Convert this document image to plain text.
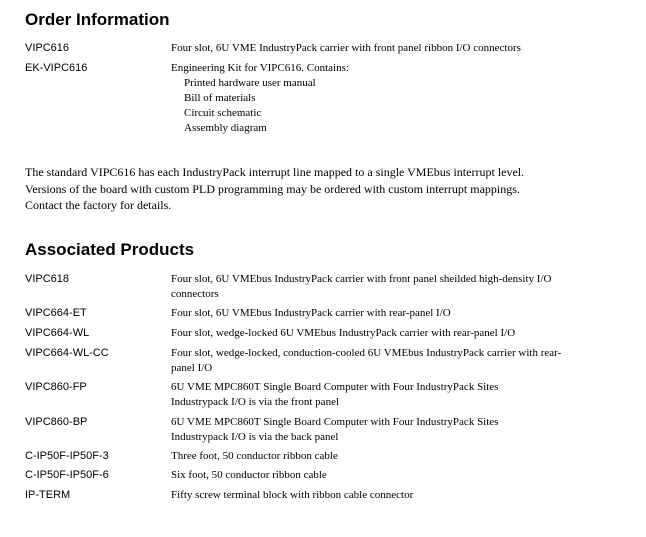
Order Information
VIPC616	Four slot, 6U VME IndustryPack carrier with front panel ribbon I/O connectors
EK-VIPC616	Engineering Kit for VIPC616. Contains:
Printed hardware user manual
Bill of materials
Circuit schematic
Assembly diagram
The standard VIPC616 has each IndustryPack interrupt line mapped to a single VMEbus interrupt level.
Versions of the board with custom PLD programming may be ordered with custom interrupt mappings.
Contact the factory for details.
Associated Products
VIPC618	Four slot, 6U VMEbus IndustryPack carrier with front panel sheilded high-density I/O
connectors
VIPC664-ET	Four slot, 6U VMEbus IndustryPack carrier with rear-panel I/O
VIPC664-WL	Four slot, wedge-locked 6U VMEbus IndustryPack carrier with rear-panel I/O
VIPC664-WL-CC	Four slot, wedge-locked, conduction-cooled 6U VMEbus IndustryPack carrier with rear-
panel I/O
VIPC860-FP	6U VME MPC860T Single Board Computer with Four IndustryPack Sites
Industrypack I/O is via the front panel
VIPC860-BP	6U VME MPC860T Single Board Computer with Four IndustryPack Sites
Industrypack I/O is via the back panel
C-IP50F-IP50F-3	Three foot, 50 conductor ribbon cable
C-IP50F-IP50F-6	Six foot, 50 conductor ribbon cable
IP-TERM	Fifty screw terminal block with ribbon cable connector
